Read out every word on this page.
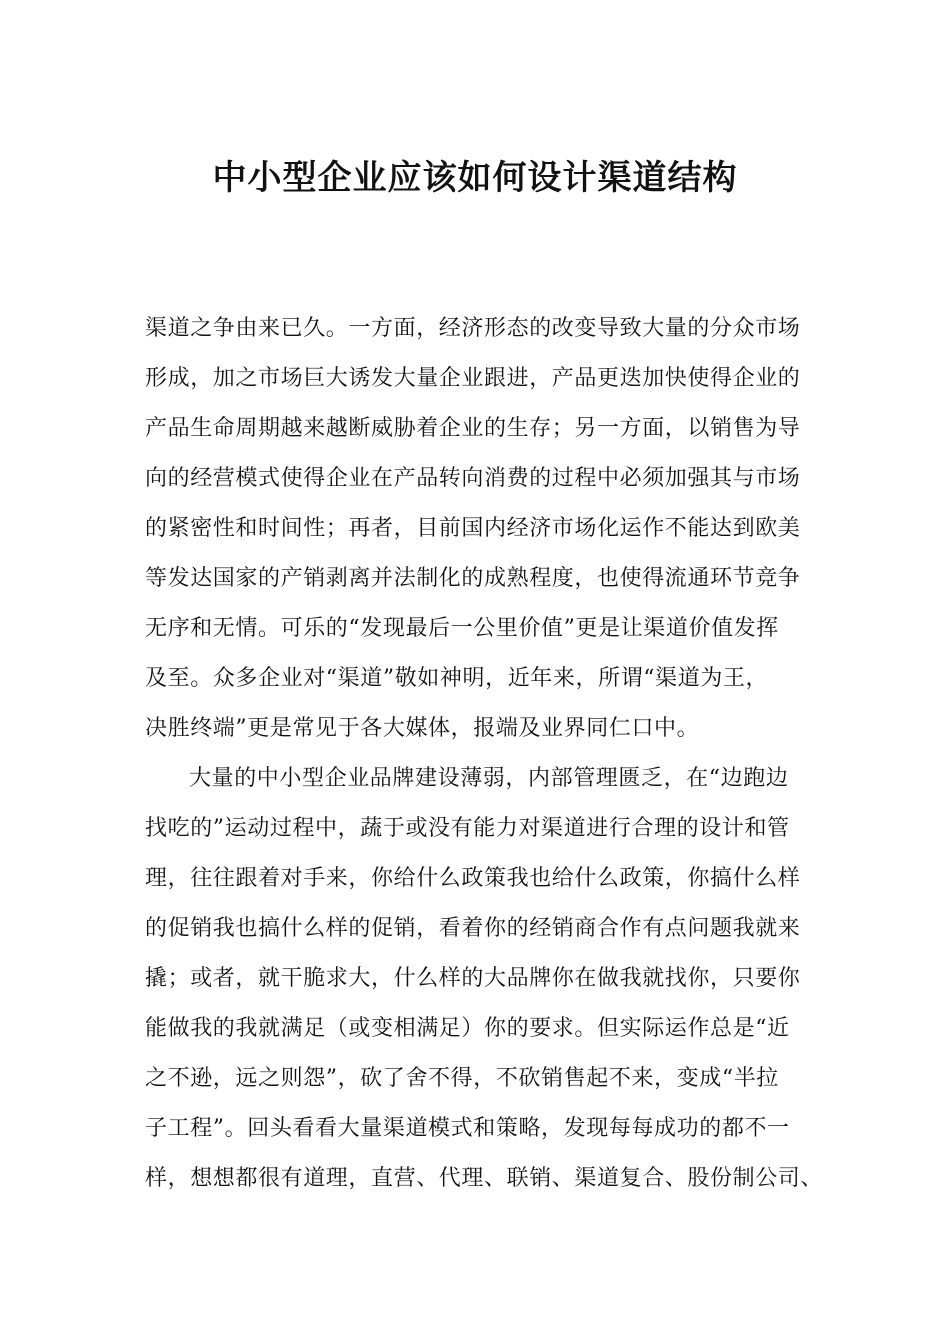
中小型企业应该如何设计渠道结构
渠道之争由来已久。一方面，经济形态的改变导致大量的分众市场
形成，加之市场巨大诱发大量企业跟进，产品更迭加快使得企业的
产品生命周期越来越断威胁着企业的生存；另一方面，以销售为导
向的经营模式使得企业在产品转向消费的过程中必须加强其与市场
的紧密性和时间性；再者，目前国内经济市场化运作不能达到欧美
等发达国家的产销剥离并法制化的成熟程度，也使得流通环节竞争
无序和无情。可乐的“发现最后一公里价值”更是让渠道价值发挥
及至。众多企业对“渠道”敬如神明，近年来，所谓“渠道为王，
决胜终端”更是常见于各大媒体，报端及业界同仁口中。
大量的中小型企业品牌建设薄弱，内部管理匮乏，在“边跑边
找吃的”运动过程中，蔬于或没有能力对渠道进行合理的设计和管
理，往往跟着对手来，你给什么政策我也给什么政策，你搞什么样
的促销我也搞什么样的促销，看着你的经销商合作有点问题我就来
撬；或者，就干脆求大，什么样的大品牌你在做我就找你，只要你
能做我的我就满足（或变相满足）你的要求。但实际运作总是“近
之不逊，远之则怨”，砍了舍不得，不砍销售起不来，变成“半拉
子工程”。回头看看大量渠道模式和策略，发现每每成功的都不一
样，想想都很有道理，直营、代理、联销、渠道复合、股份制公司、
